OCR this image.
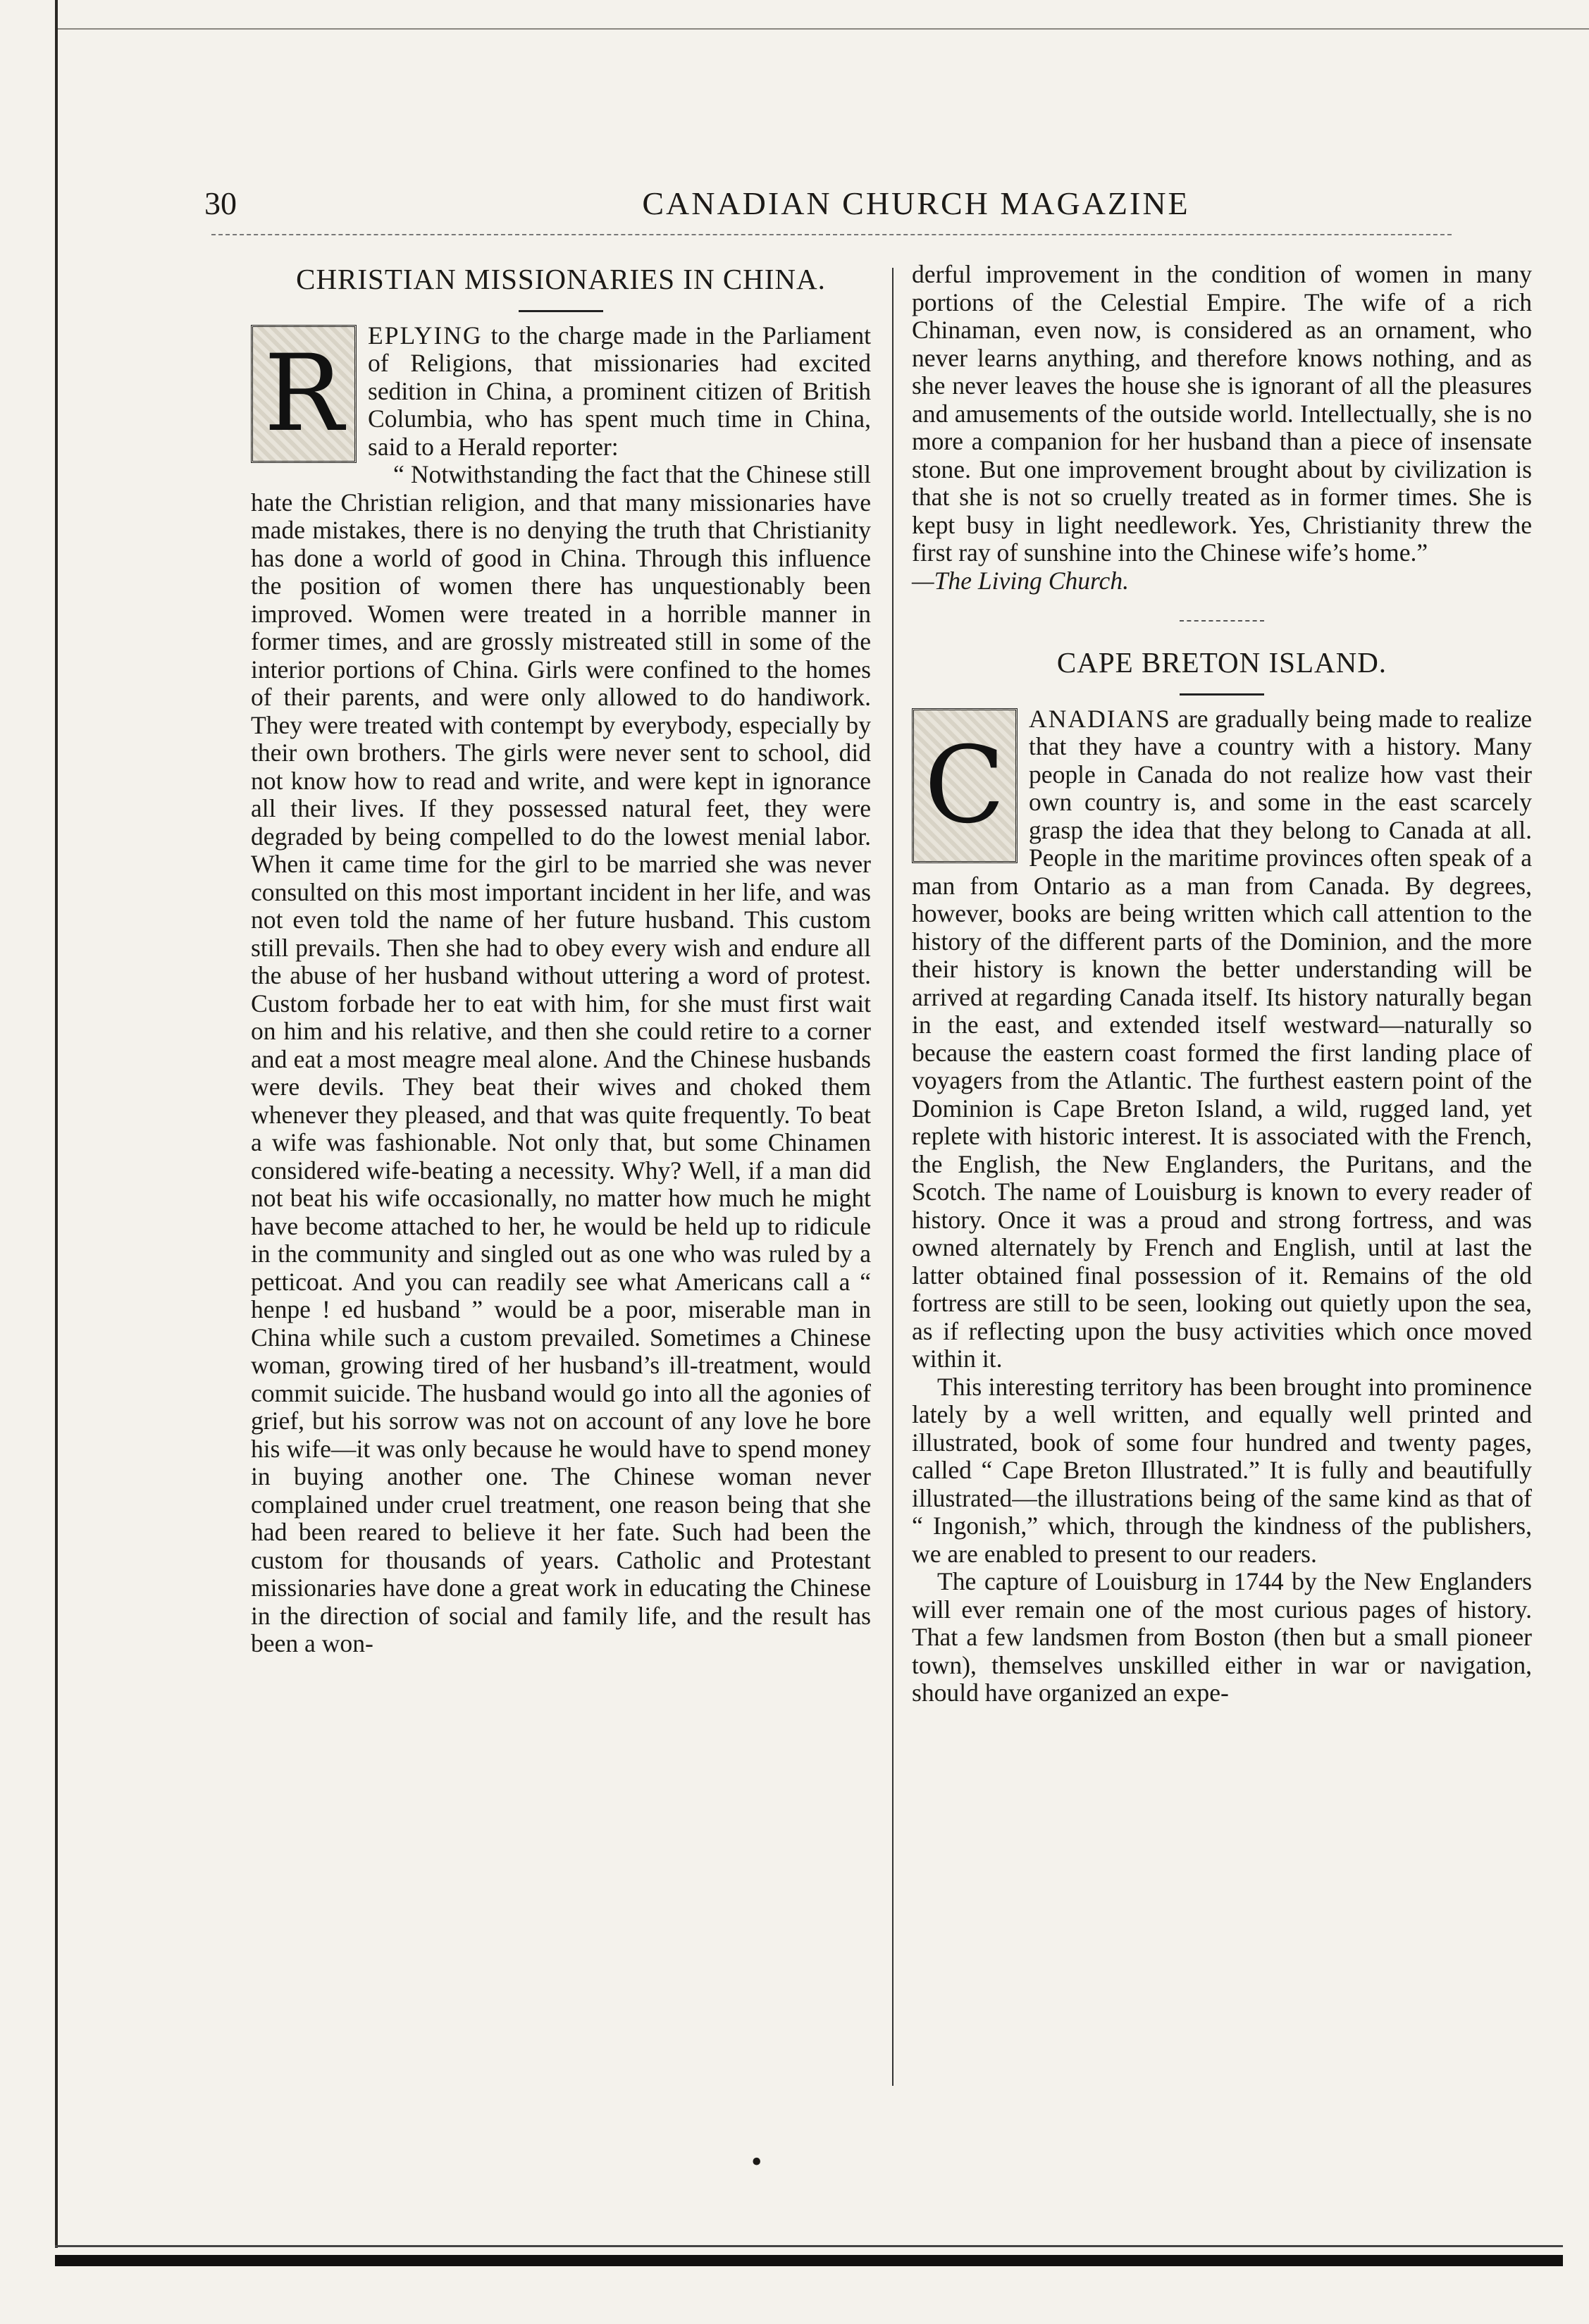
30	CANADIAN CHURCH MAGAZINE
CHRISTIAN MISSIONARIES IN CHINA.

R EPLYING to the charge made in the Parliament of Religions, that missionaries had excited sedition in China, a prominent citizen of British Columbia, who has spent much time in China, said to a Herald reporter:

“ Notwithstanding the fact that the Chinese still hate the Christian religion, and that many missionaries have made mistakes, there is no denying the truth that Christianity has done a world of good in China. Through this influence the position of women there has unquestionably been improved. Women were treated in a horrible manner in former times, and are grossly mistreated still in some of the interior portions of China. Girls were confined to the homes of their parents, and were only allowed to do handiwork. They were treated with contempt by everybody, especially by their own brothers. The girls were never sent to school, did not know how to read and write, and were kept in ignorance all their lives. If they possessed natural feet, they were degraded by being compelled to do the lowest menial labor. When it came time for the girl to be married she was never consulted on this most important incident in her life, and was not even told the name of her future husband. This custom still prevails. Then she had to obey every wish and endure all the abuse of her husband without uttering a word of protest. Custom forbade her to eat with him, for she must first wait on him and his relative, and then she could retire to a corner and eat a most meagre meal alone. And the Chinese husbands were devils. They beat their wives and choked them whenever they pleased, and that was quite frequently. To beat a wife was fashionable. Not only that, but some Chinamen considered wife-beating a necessity. Why? Well, if a man did not beat his wife occasionally, no matter how much he might have become attached to her, he would be held up to ridicule in the community and singled out as one who was ruled by a petticoat. And you can readily see what Americans call a “ henpe ! ed husband ” would be a poor, miserable man in China while such a custom prevailed. Sometimes a Chinese woman, growing tired of her husband’s ill-treatment, would commit suicide. The husband would go into all the agonies of grief, but his sorrow was not on account of any love he bore his wife—it was only because he would have to spend money in buying another one. The Chinese woman never complained under cruel treatment, one reason being that she had been reared to believe it her fate. Such had been the custom for thousands of years. Catholic and Protestant missionaries have done a great work in educating the Chinese in the direction of social and family life, and the result has been a won-

derful improvement in the condition of women in many portions of the Celestial Empire. The wife of a rich Chinaman, even now, is considered as an ornament, who never learns anything, and therefore knows nothing, and as she never leaves the house she is ignorant of all the pleasures and amusements of the outside world. Intellectually, she is no more a companion for her husband than a piece of insensate stone. But one improvement brought about by civilization is that she is not so cruelly treated as in former times. She is kept busy in light needlework. Yes, Christianity threw the first ray of sunshine into the Chinese wife’s home.”

—The Living Church.

CAPE BRETON ISLAND.

C
ANADIANS are gradually being made to realize that they have a country with a history. Many people in Canada do not realize how vast their own country is, and some in the east scarcely grasp the idea that they belong to Canada at all. People in the maritime provinces often speak of a man from Ontario as a man from Canada. By degrees, however, books are being written which call attention to the history of the different parts of the Dominion, and the more their history is known the better understanding will be arrived at regarding Canada itself. Its history naturally began in the east, and extended itself westward—naturally so because the eastern coast formed the first landing place of voyagers from the Atlantic. The furthest eastern point of the Dominion is Cape Breton Island, a wild, rugged land, yet replete with historic interest. It is associated with the French, the English, the New Englanders, the Puritans, and the Scotch. The name of Louisburg is known to every reader of history. Once it was a proud and strong fortress, and was owned alternately by French and English, until at last the latter obtained final possession of it. Remains of the old fortress are still to be seen, looking out quietly upon the sea, as if reflecting upon the busy activities which once moved within it.

This interesting territory has been brought into prominence lately by a well written, and equally well printed and illustrated, book of some four hundred and twenty pages, called “ Cape Breton Illustrated.” It is fully and beautifully illustrated—the illustrations being of the same kind as that of “ Ingonish,” which, through the kindness of the publishers, we are enabled to present to our readers.

The capture of Louisburg in 1744 by the New Englanders will ever remain one of the most curious pages of history. That a few landsmen from Boston (then but a small pioneer town), themselves unskilled either in war or navigation, should have organized an expe-

•
